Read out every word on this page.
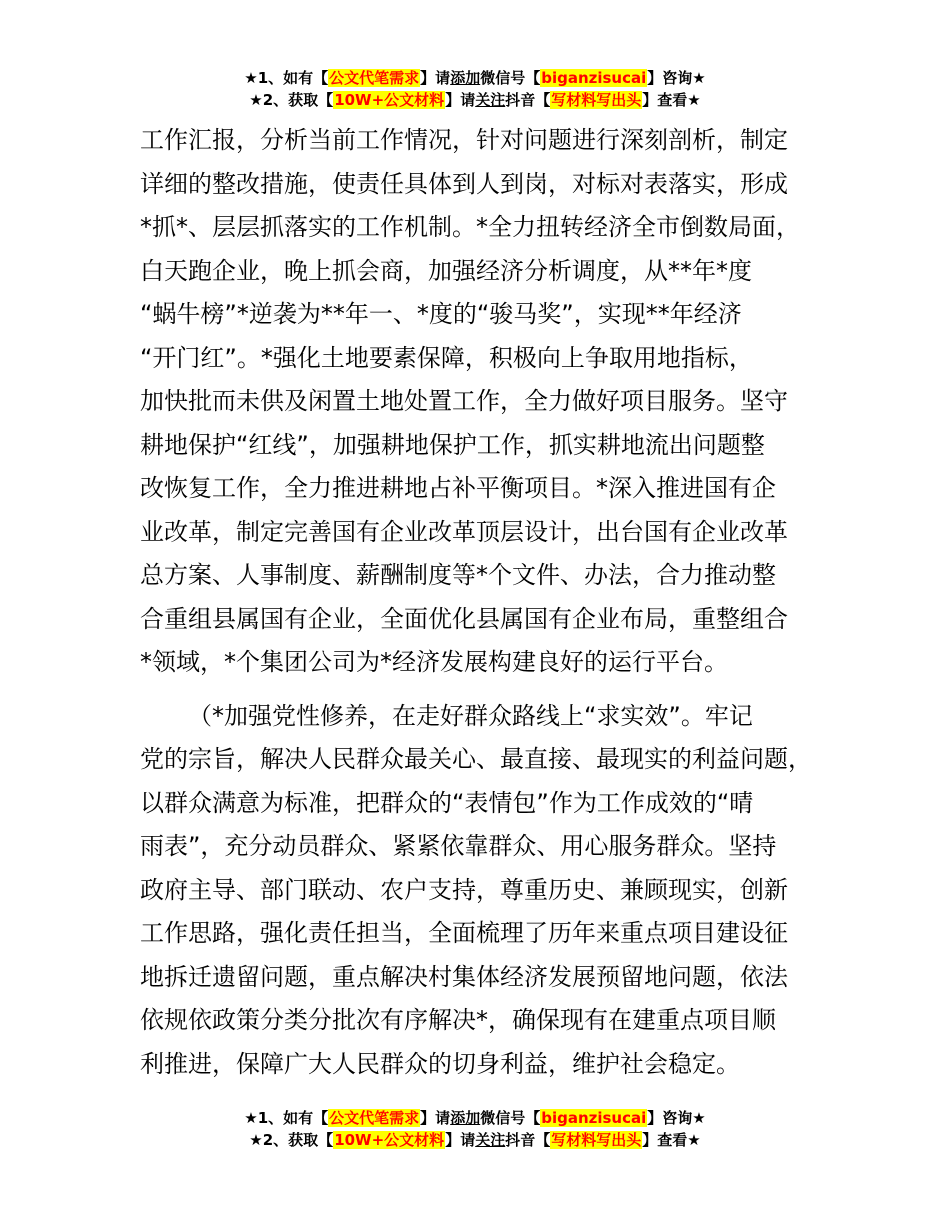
★1、如有【公文代笔需求】请添加微信号【biganzisucai】咨询★
★2、获取【10W+公文材料】请关注抖音【写材料写出头】查看★

工作汇报，分析当前工作情况，针对问题进行深刻剖析，制定
详细的整改措施，使责任具体到人到岗，对标对表落实，形成
*抓*、层层抓落实的工作机制。*全力扭转经济全市倒数局面，
白天跑企业，晚上抓会商，加强经济分析调度，从**年*度
“蜗牛榜”*逆袭为**年一、*度的“骏马奖”，实现**年经济
“开门红”。*强化土地要素保障，积极向上争取用地指标，
加快批而未供及闲置土地处置工作，全力做好项目服务。坚守
耕地保护“红线”，加强耕地保护工作，抓实耕地流出问题整
改恢复工作，全力推进耕地占补平衡项目。*深入推进国有企
业改革，制定完善国有企业改革顶层设计，出台国有企业改革
总方案、人事制度、薪酬制度等*个文件、办法，合力推动整
合重组县属国有企业，全面优化县属国有企业布局，重整组合
*领域，*个集团公司为*经济发展构建良好的运行平台。

（*加强党性修养，在走好群众路线上“求实效”。牢记
党的宗旨，解决人民群众最关心、最直接、最现实的利益问题，
以群众满意为标准，把群众的“表情包”作为工作成效的“晴
雨表”，充分动员群众、紧紧依靠群众、用心服务群众。坚持
政府主导、部门联动、农户支持，尊重历史、兼顾现实，创新
工作思路，强化责任担当，全面梳理了历年来重点项目建设征
地拆迁遗留问题，重点解决村集体经济发展预留地问题，依法
依规依政策分类分批次有序解决*，确保现有在建重点项目顺
利推进，保障广大人民群众的切身利益，维护社会稳定。

★1、如有【公文代笔需求】请添加微信号【biganzisucai】咨询★
★2、获取【10W+公文材料】请关注抖音【写材料写出头】查看★
